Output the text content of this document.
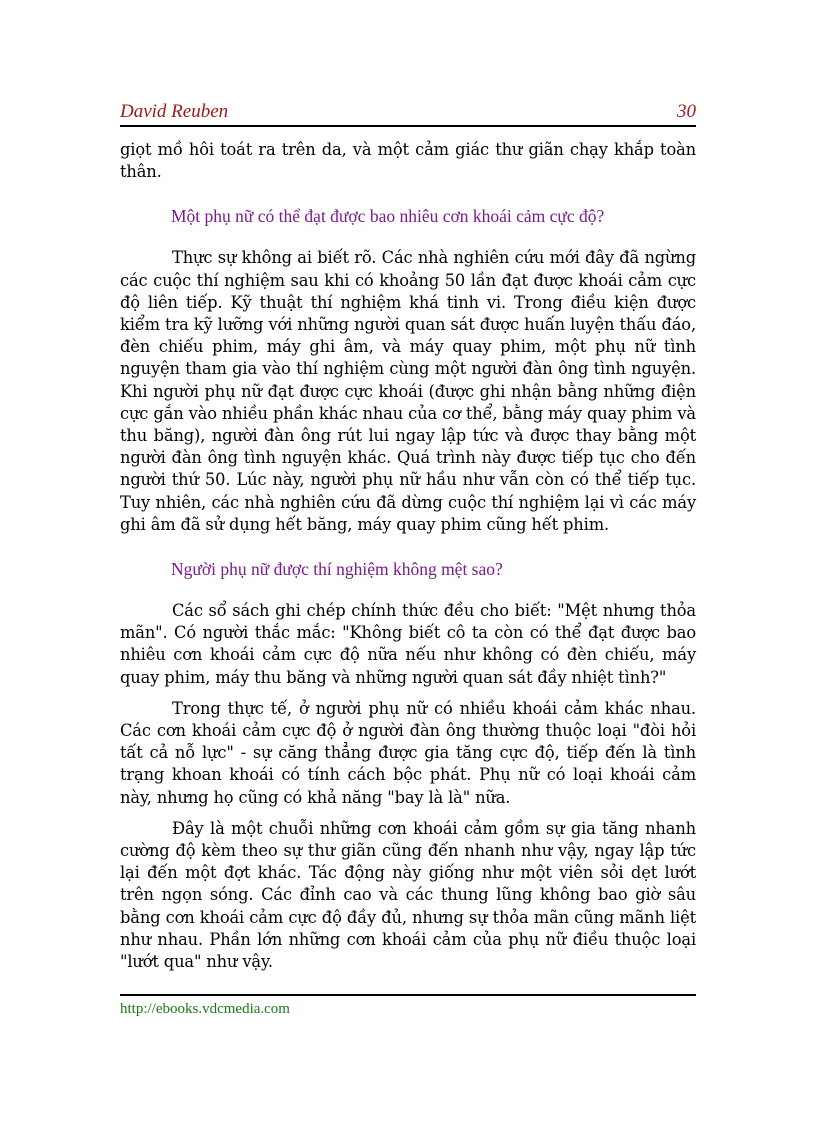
David Reuben	30

giọt mồ hôi toát ra trên da, và một cảm giác thư giãn chạy khắp toàn thân.

Một phụ nữ có thể đạt được bao nhiêu cơn khoái cảm cực độ?

Thực sự không ai biết rõ. Các nhà nghiên cứu mới đây đã ngừng các cuộc thí nghiệm sau khi có khoảng 50 lần đạt được khoái cảm cực độ liên tiếp. Kỹ thuật thí nghiệm khá tinh vi. Trong điều kiện được kiểm tra kỹ lưỡng với những người quan sát được huấn luyện thấu đáo, đèn chiếu phim, máy ghi âm, và máy quay phim, một phụ nữ tình nguyện tham gia vào thí nghiệm cùng một người đàn ông tình nguyện. Khi người phụ nữ đạt được cực khoái (được ghi nhận bằng những điện cực gắn vào nhiều phần khác nhau của cơ thể, bằng máy quay phim và thu băng), người đàn ông rút lui ngay lập tức và được thay bằng một người đàn ông tình nguyện khác. Quá trình này được tiếp tục cho đến người thứ 50. Lúc này, người phụ nữ hầu như vẫn còn có thể tiếp tục. Tuy nhiên, các nhà nghiên cứu đã dừng cuộc thí nghiệm lại vì các máy ghi âm đã sử dụng hết băng, máy quay phim cũng hết phim.

Người phụ nữ được thí nghiệm không mệt sao?

Các sổ sách ghi chép chính thức đều cho biết: "Mệt nhưng thỏa mãn". Có người thắc mắc: "Không biết cô ta còn có thể đạt được bao nhiêu cơn khoái cảm cực độ nữa nếu như không có đèn chiếu, máy quay phim, máy thu băng và những người quan sát đầy nhiệt tình?"

Trong thực tế, ở người phụ nữ có nhiều khoái cảm khác nhau. Các cơn khoái cảm cực độ ở người đàn ông thường thuộc loại "đòi hỏi tất cả nỗ lực" - sự căng thẳng được gia tăng cực độ, tiếp đến là tình trạng khoan khoái có tính cách bộc phát. Phụ nữ có loại khoái cảm này, nhưng họ cũng có khả năng "bay là là" nữa.

Đây là một chuỗi những cơn khoái cảm gồm sự gia tăng nhanh cường độ kèm theo sự thư giãn cũng đến nhanh như vậy, ngay lập tức lại đến một đợt khác. Tác động này giống như một viên sỏi dẹt lướt trên ngọn sóng. Các đỉnh cao và các thung lũng không bao giờ sâu bằng cơn khoái cảm cực độ đầy đủ, nhưng sự thỏa mãn cũng mãnh liệt như nhau. Phần lớn những cơn khoái cảm của phụ nữ điều thuộc loại "lướt qua" như vậy.

http://ebooks.vdcmedia.com
